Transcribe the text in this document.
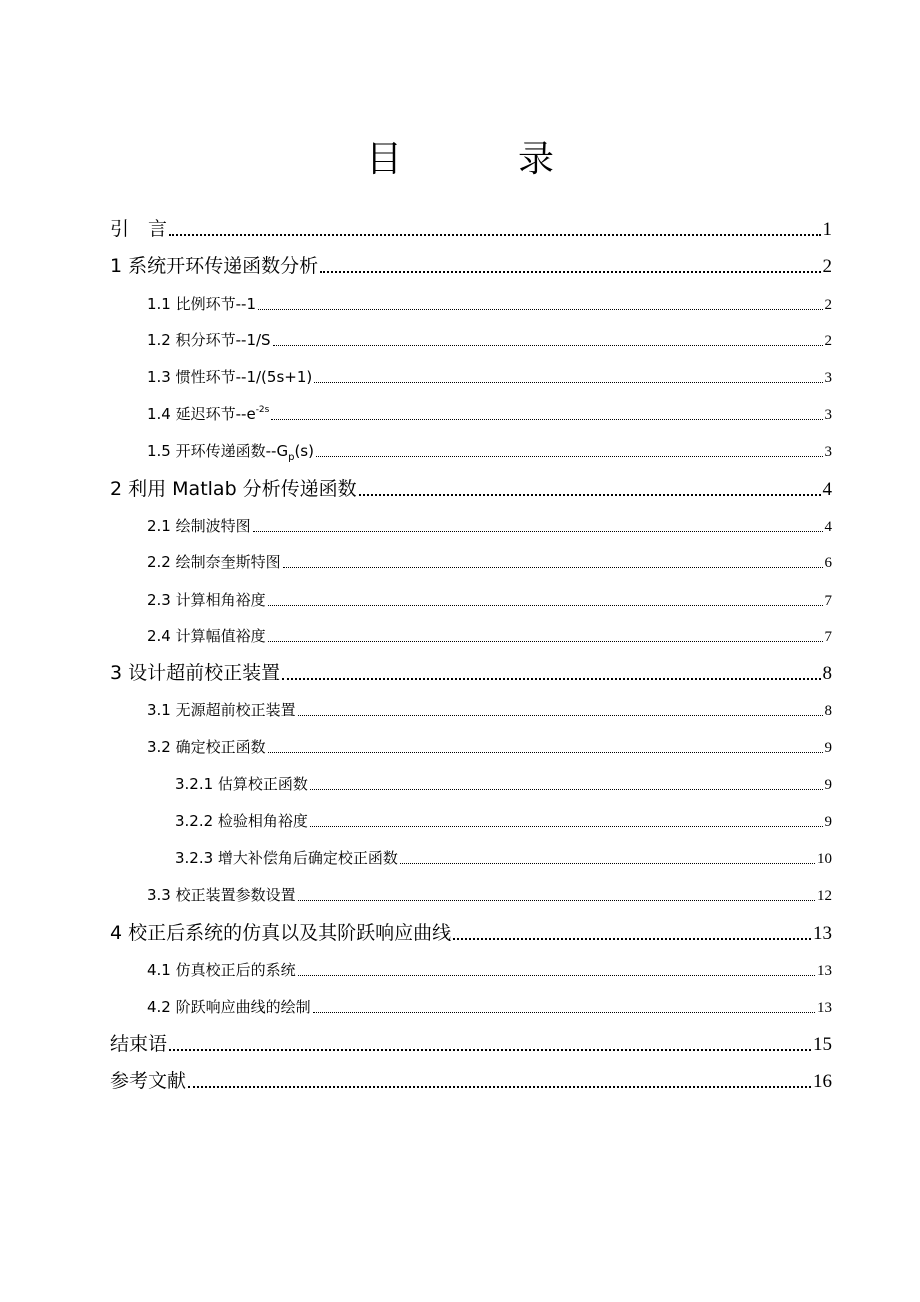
目　录
引　言	1
1 系统开环传递函数分析	2
1.1 比例环节--1	2
1.2 积分环节--1/S	2
1.3 惯性环节--1/(5s+1)	3
1.4 延迟环节$--e^{-2s}$	3
1.5 开环传递函数$--G_p(s)$	3
2 利用 Matlab 分析传递函数	4
2.1 绘制波特图	4
2.2 绘制奈奎斯特图	6
2.3 计算相角裕度	7
2.4 计算幅值裕度	7
3 设计超前校正装置	8
3.1 无源超前校正装置	8
3.2 确定校正函数	9
3.2.1 估算校正函数	9
3.2.2 检验相角裕度	9
3.2.3 增大补偿角后确定校正函数	10
3.3 校正装置参数设置	12
4 校正后系统的仿真以及其阶跃响应曲线	13
4.1 仿真校正后的系统	13
4.2 阶跃响应曲线的绘制	13
结束语	15
参考文献	16
